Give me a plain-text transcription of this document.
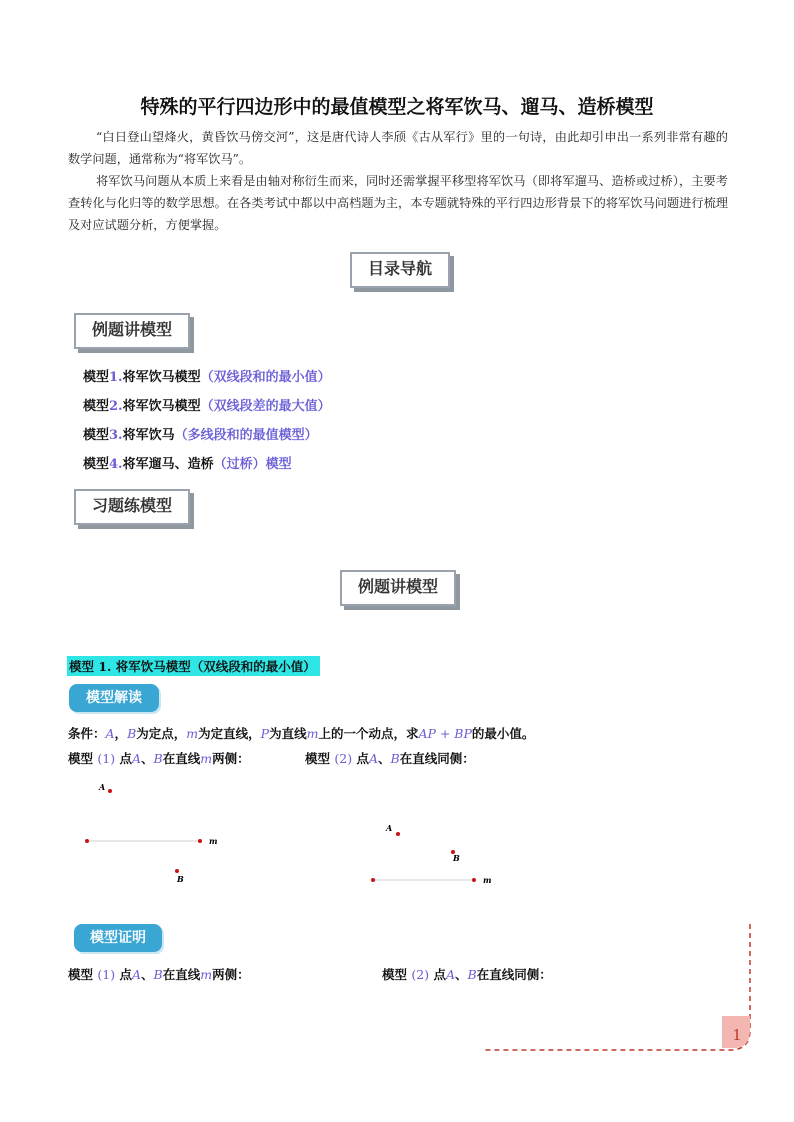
特殊的平行四边形中的最值模型之将军饮马、遛马、造桥模型
“白日登山望烽火，黄昏饮马傍交河”，这是唐代诗人李颀《古从军行》里的一句诗，由此却引申出一系列非常有趣的数学问题，通常称为“将军饮马”。
将军饮马问题从本质上来看是由轴对称衍生而来，同时还需掌握平移型将军饮马（即将军遛马、造桥或过桥），主要考查转化与化归等的数学思想。在各类考试中都以中高档题为主，本专题就特殊的平行四边形背景下的将军饮马问题进行梳理及对应试题分析，方便掌握。
目录导航
例题讲模型
模型1.将军饮马模型（双线段和的最小值）
模型2.将军饮马模型（双线段差的最大值）
模型3.将军饮马（多线段和的最值模型）
模型4.将军遛马、造桥（过桥）模型
习题练模型
例题讲模型
模型 1. 将军饮马模型（双线段和的最小值）
模型解读
条件：A，B为定点，m为定直线，P为直线m上的一个动点，求AP + BP的最小值。
模型 (1) 点A、B在直线m两侧：	模型 (2) 点A、B在直线同侧：
A
B
m
A
B
m
模型证明
模型 (1) 点A、B在直线m两侧：	模型 (2) 点A、B在直线同侧：
1
